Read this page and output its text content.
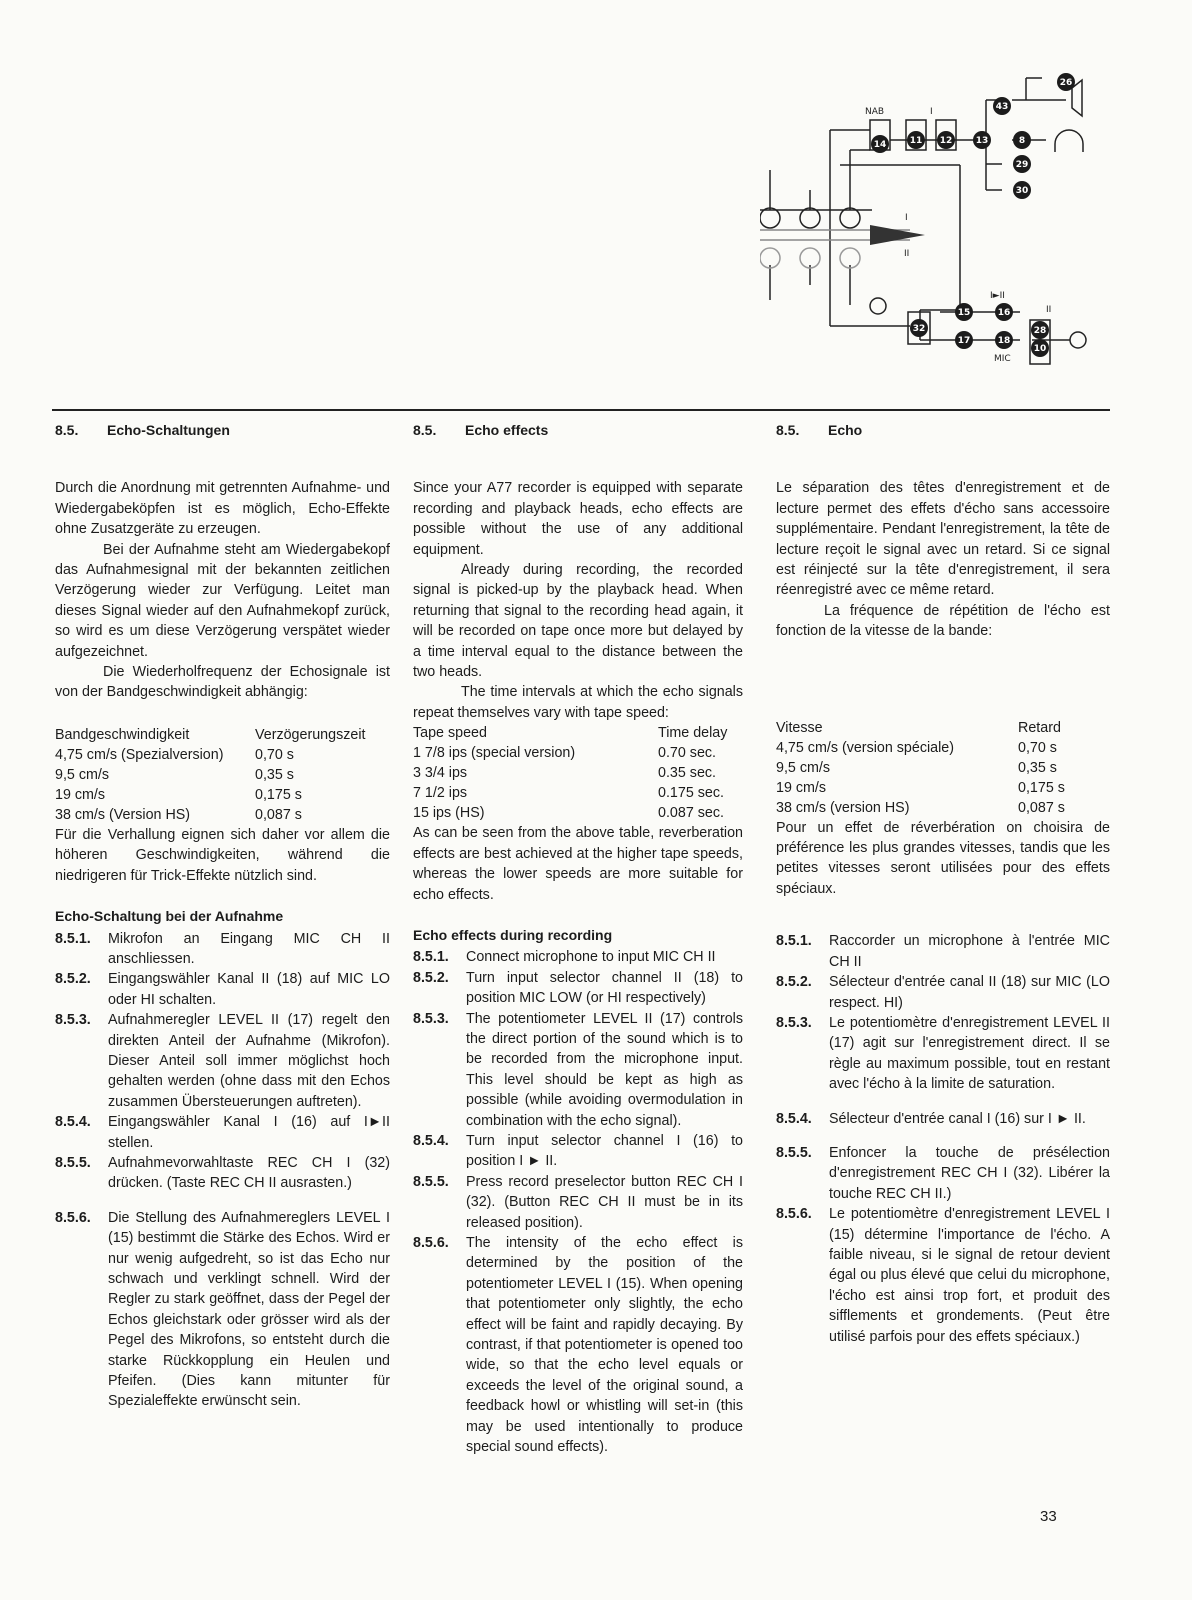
NAB	I
I
II
I►II
II
MIC
26
43
8
29
30
14	11 12	13
15	16
17	18
32	28
10
8.5. Echo-Schaltungen

Durch die Anordnung mit getrennten Aufnahme- und Wiedergabeköpfen ist es möglich, Echo-Effekte ohne Zusatzgeräte zu erzeugen.

Bei der Aufnahme steht am Wiedergabekopf das Aufnahmesignal mit der bekannten zeitlichen Verzögerung wieder zur Verfügung. Leitet man dieses Signal wieder auf den Aufnahmekopf zurück, so wird es um diese Verzögerung verspätet wieder aufgezeichnet.

Die Wiederholfrequenz der Echosignale ist von der Bandgeschwindigkeit abhängig:

Bandgeschwindigkeit	Verzögerungszeit
4,75 cm/s (Spezialversion)	0,70 s
9,5 cm/s	0,35 s
19 cm/s	0,175 s
38 cm/s (Version HS)	0,087 s

Für die Verhallung eignen sich daher vor allem die höheren Geschwindigkeiten, während die niedrigeren für Trick-Effekte nützlich sind.

Echo-Schaltung bei der Aufnahme
8.5.1.	Mikrofon an Eingang MIC CH II anschliessen.
8.5.2.	Eingangswähler Kanal II (18) auf MIC LO oder HI schalten.
8.5.3.	Aufnahmeregler LEVEL II (17) regelt den direkten Anteil der Aufnahme (Mikrofon). Dieser Anteil soll immer möglichst hoch gehalten werden (ohne dass mit den Echos zusammen Übersteuerungen auftreten).
8.5.4.	Eingangswähler Kanal I (16) auf I►II stellen.
8.5.5.	Aufnahmevorwahltaste REC CH I (32) drücken. (Taste REC CH II ausrasten.)
8.5.6.	Die Stellung des Aufnahmereglers LEVEL I (15) bestimmt die Stärke des Echos. Wird er nur wenig aufgedreht, so ist das Echo nur schwach und verklingt schnell. Wird der Regler zu stark geöffnet, dass der Pegel der Echos gleichstark oder grösser wird als der Pegel des Mikrofons, so entsteht durch die starke Rückkopplung ein Heulen und Pfeifen. (Dies kann mitunter für Spezialeffekte erwünscht sein.
8.5. Echo effects

Since your A77 recorder is equipped with separate recording and playback heads, echo effects are possible without the use of any additional equipment.

Already during recording, the recorded signal is picked-up by the playback head. When returning that signal to the recording head again, it will be recorded on tape once more but delayed by a time interval equal to the distance between the two heads.

The time intervals at which the echo signals repeat themselves vary with tape speed:

Tape speed	Time delay
1 7/8 ips (special version)	0.70 sec.
3 3/4 ips	0.35 sec.
7 1/2 ips	0.175 sec.
15 ips (HS)	0.087 sec.

As can be seen from the above table, reverberation effects are best achieved at the higher tape speeds, whereas the lower speeds are more suitable for echo effects.

Echo effects during recording
8.5.1.	Connect microphone to input MIC CH II
8.5.2.	Turn input selector channel II (18) to position MIC LOW (or HI respectively)
8.5.3.	The potentiometer LEVEL II (17) controls the direct portion of the sound which is to be recorded from the microphone input. This level should be kept as high as possible (while avoiding overmodulation in combination with the echo signal).
8.5.4.	Turn input selector channel I (16) to position I ► II.
8.5.5.	Press record preselector button REC CH I (32). (Button REC CH II must be in its released position).
8.5.6.	The intensity of the echo effect is determined by the position of the potentiometer LEVEL I (15). When opening that potentiometer only slightly, the echo effect will be faint and rapidly decaying. By contrast, if that potentiometer is opened too wide, so that the echo level equals or exceeds the level of the original sound, a feedback howl or whistling will set-in (this may be used intentionally to produce special sound effects).
8.5. Echo

Le séparation des têtes d'enregistrement et de lecture permet des effets d'écho sans accessoire supplémentaire. Pendant l'enregistrement, la tête de lecture reçoit le signal avec un retard. Si ce signal est réinjecté sur la tête d'enregistrement, il sera réenregistré avec ce même retard.

La fréquence de répétition de l'écho est fonction de la vitesse de la bande:

Vitesse	Retard
4,75 cm/s (version spéciale)	0,70 s
9,5 cm/s	0,35 s
19 cm/s	0,175 s
38 cm/s (version HS)	0,087 s

Pour un effet de réverbération on choisira de préférence les plus grandes vitesses, tandis que les petites vitesses seront utilisées pour des effets spéciaux.

8.5.1.	Raccorder un microphone à l'entrée MIC CH II
8.5.2.	Sélecteur d'entrée canal II (18) sur MIC (LO respect. HI)
8.5.3.	Le potentiomètre d'enregistrement LEVEL II (17) agit sur l'enregistrement direct. Il se règle au maximum possible, tout en restant avec l'écho à la limite de saturation.
8.5.4.	Sélecteur d'entrée canal I (16) sur I ► II.
8.5.5.	Enfoncer la touche de présélection d'enregistrement REC CH I (32). Libérer la touche REC CH II.)
8.5.6.	Le potentiomètre d'enregistrement LEVEL I (15) détermine l'importance de l'écho. A faible niveau, si le signal de retour devient égal ou plus élevé que celui du microphone, l'écho est ainsi trop fort, et produit des sifflements et grondements. (Peut être utilisé parfois pour des effets spéciaux.)
33
